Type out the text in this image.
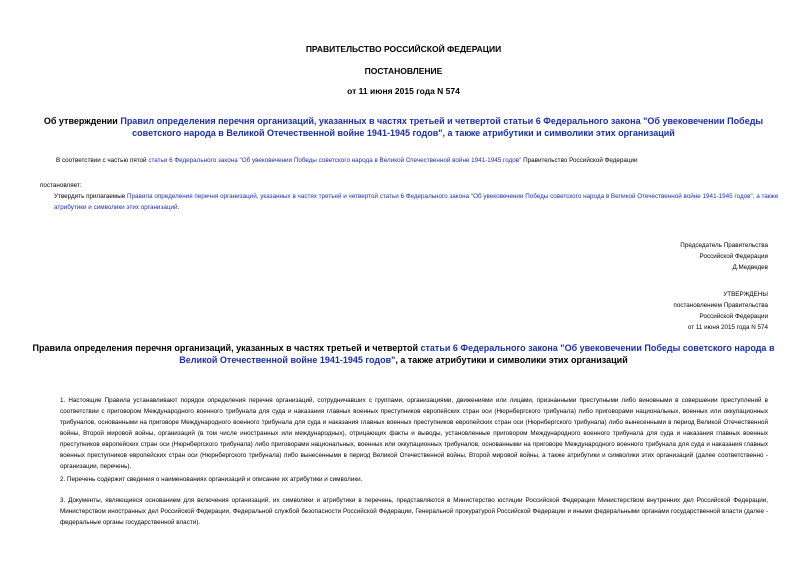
ПРАВИТЕЛЬСТВО РОССИЙСКОЙ ФЕДЕРАЦИИ
ПОСТАНОВЛЕНИЕ
от 11 июня 2015 года N 574
Об утверждении Правил определения перечня организаций, указанных в частях третьей и четвертой статьи 6 Федерального закона "Об увековечении Победы советского народа в Великой Отечественной войне 1941-1945 годов", а также атрибутики и символики этих организаций
В соответствии с частью пятой статьи 6 Федерального закона "Об увековечении Победы советского народа в Великой Отечественной войне 1941-1945 годов" Правительство Российской Федерации
постановляет:
Утвердить прилагаемые Правила определения перечня организаций, указанных в частях третьей и четвертой статьи 6 Федерального закона "Об увековечении Победы советского народа в Великой Отечественной войне 1941-1945 годов", а также атрибутики и символики этих организаций.
Председатель Правительства
Российской Федерации
Д.Медведев
УТВЕРЖДЕНЫ
постановлением Правительства
Российской Федерации
от 11 июня 2015 года N 574
Правила определения перечня организаций, указанных в частях третьей и четвертой статьи 6 Федерального закона "Об увековечении Победы советского народа в Великой Отечественной войне 1941-1945 годов", а также атрибутики и символики этих организаций
1. Настоящие Правила устанавливают порядок определения перечня организаций, сотрудничавших с группами, организациями, движениями или лицами, признанными преступными либо виновными в совершении преступлений в соответствии с приговором Международного военного трибунала для суда и наказания главных военных преступников европейских стран оси (Нюрнбергского трибунала) либо приговорами национальных, военных или оккупационных трибуналов, основанными на приговоре Международного военного трибунала для суда и наказания главных военных преступников европейских стран оси (Нюрнбергского трибунала) либо вынесенными в период Великой Отечественной войны, Второй мировой войны, организаций (в том числе иностранных или международных), отрицающих факты и выводы, установленные приговором Международного военного трибунала для суда и наказания главных военных преступников европейских стран оси (Нюрнбергского трибунала) либо приговорами национальных, военных или оккупационных трибуналов, основанными на приговоре Международного военного трибунала для суда и наказания главных военных преступников европейских стран оси (Нюрнбергского трибунала) либо вынесенными в период Великой Отечественной войны, Второй мировой войны, а также атрибутики и символики этих организаций (далее соответственно - организации, перечень).
2. Перечень содержит сведения о наименованиях организаций и описание их атрибутики и символики.
3. Документы, являющиеся основанием для включения организаций, их символики и атрибутики в перечень, представляются в Министерство юстиции Российской Федерации Министерством внутренних дел Российской Федерации, Министерством иностранных дел Российской Федерации, Федеральной службой безопасности Российской Федерации, Генеральной прокуратурой Российской Федерации и иными федеральными органами государственной власти (далее - федеральные органы государственной власти).
